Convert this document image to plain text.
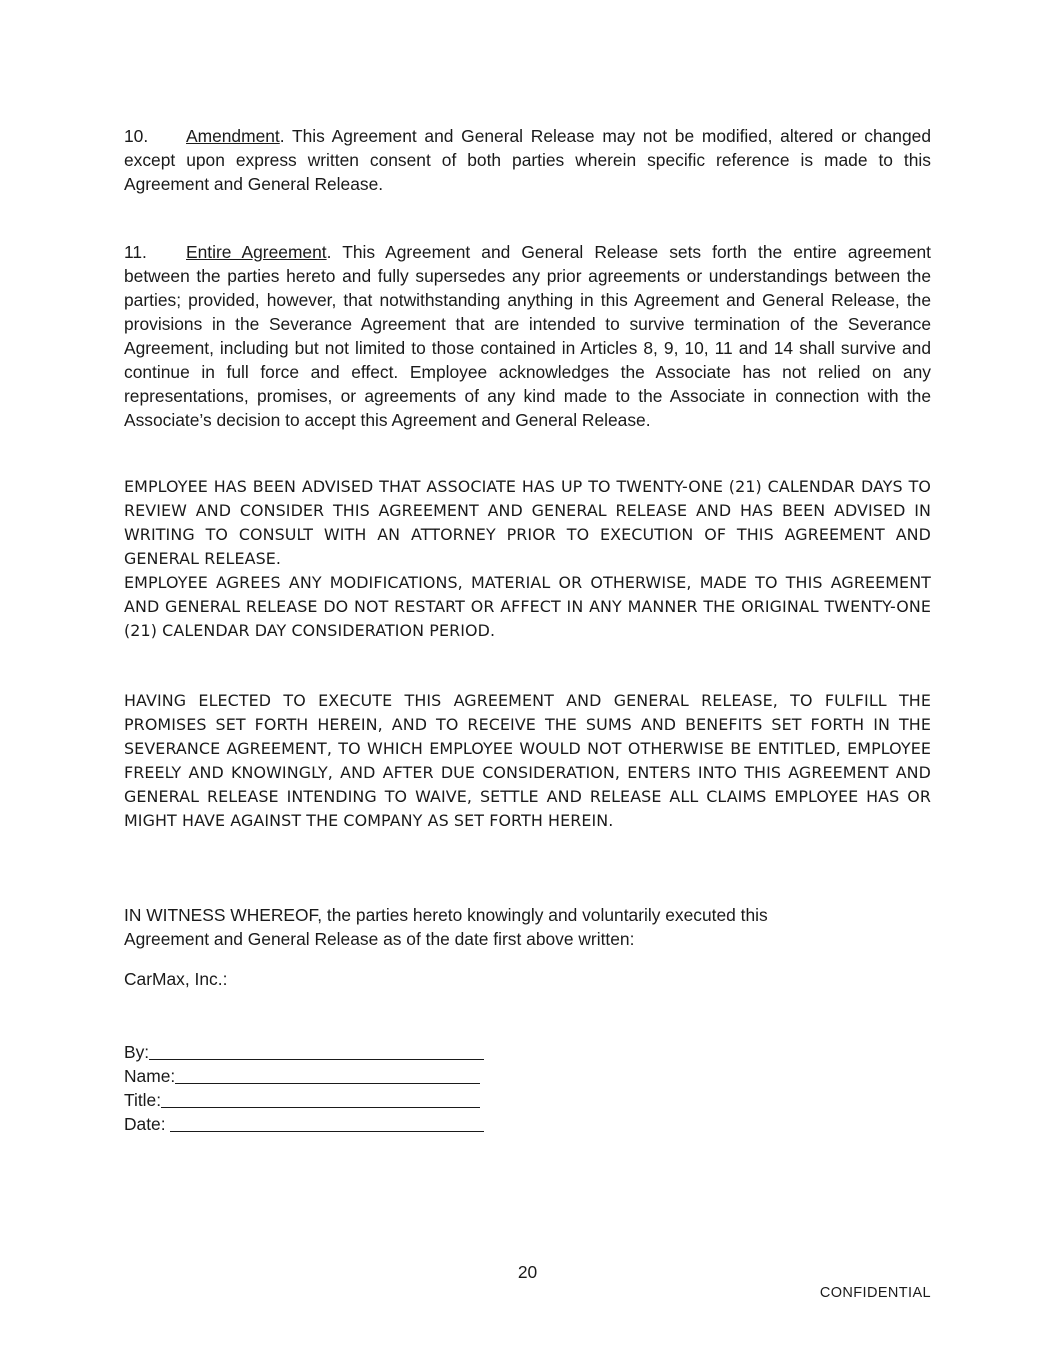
10. Amendment. This Agreement and General Release may not be modified, altered or changed except upon express written consent of both parties wherein specific reference is made to this Agreement and General Release.

11. Entire Agreement. This Agreement and General Release sets forth the entire agreement between the parties hereto and fully supersedes any prior agreements or understandings between the parties; provided, however, that notwithstanding anything in this Agreement and General Release, the provisions in the Severance Agreement that are intended to survive termination of the Severance Agreement, including but not limited to those contained in Articles 8, 9, 10, 11 and 14 shall survive and continue in full force and effect. Employee acknowledges the Associate has not relied on any representations, promises, or agreements of any kind made to the Associate in connection with the Associate’s decision to accept this Agreement and General Release.

EMPLOYEE HAS BEEN ADVISED THAT ASSOCIATE HAS UP TO TWENTY-ONE (21) CALENDAR DAYS TO REVIEW AND CONSIDER THIS AGREEMENT AND GENERAL RELEASE AND HAS BEEN ADVISED IN WRITING TO CONSULT WITH AN ATTORNEY PRIOR TO EXECUTION OF THIS AGREEMENT AND GENERAL RELEASE.

EMPLOYEE AGREES ANY MODIFICATIONS, MATERIAL OR OTHERWISE, MADE TO THIS AGREEMENT AND GENERAL RELEASE DO NOT RESTART OR AFFECT IN ANY MANNER THE ORIGINAL TWENTY-ONE (21) CALENDAR DAY CONSIDERATION PERIOD.

HAVING ELECTED TO EXECUTE THIS AGREEMENT AND GENERAL RELEASE, TO FULFILL THE PROMISES SET FORTH HEREIN, AND TO RECEIVE THE SUMS AND BENEFITS SET FORTH IN THE SEVERANCE AGREEMENT, TO WHICH EMPLOYEE WOULD NOT OTHERWISE BE ENTITLED, EMPLOYEE FREELY AND KNOWINGLY, AND AFTER DUE CONSIDERATION, ENTERS INTO THIS AGREEMENT AND GENERAL RELEASE INTENDING TO WAIVE, SETTLE AND RELEASE ALL CLAIMS EMPLOYEE HAS OR MIGHT HAVE AGAINST THE COMPANY AS SET FORTH HEREIN.

IN WITNESS WHEREOF, the parties hereto knowingly and voluntarily executed this
Agreement and General Release as of the date first above written:
CarMax, Inc.:
By:
Name:
Title:
Date:
20
CONFIDENTIAL
